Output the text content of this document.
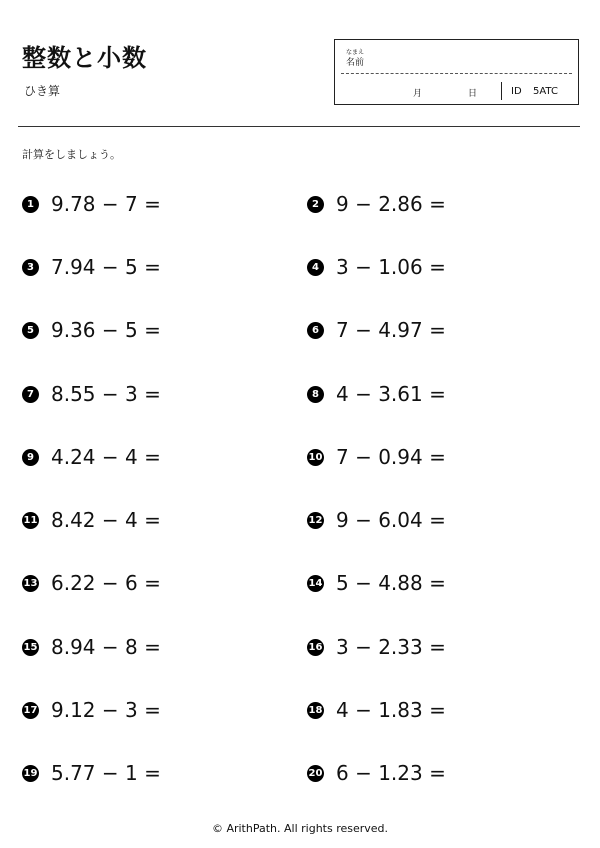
整数と小数
ひき算
なまえ
名前
月	日	ID 5ATC
計算をしましょう。
1 9.78 − 7 =	2 9 − 2.86 =
3 7.94 − 5 =	4 3 − 1.06 =
5 9.36 − 5 =	6 7 − 4.97 =
7 8.55 − 3 =	8 4 − 3.61 =
9 4.24 − 4 =	10 7 − 0.94 =
11 8.42 − 4 =	12 9 − 6.04 =
13 6.22 − 6 =	14 5 − 4.88 =
15 8.94 − 8 =	16 3 − 2.33 =
17 9.12 − 3 =	18 4 − 1.83 =
19 5.77 − 1 =	20 6 − 1.23 =
© ArithPath. All rights reserved.
